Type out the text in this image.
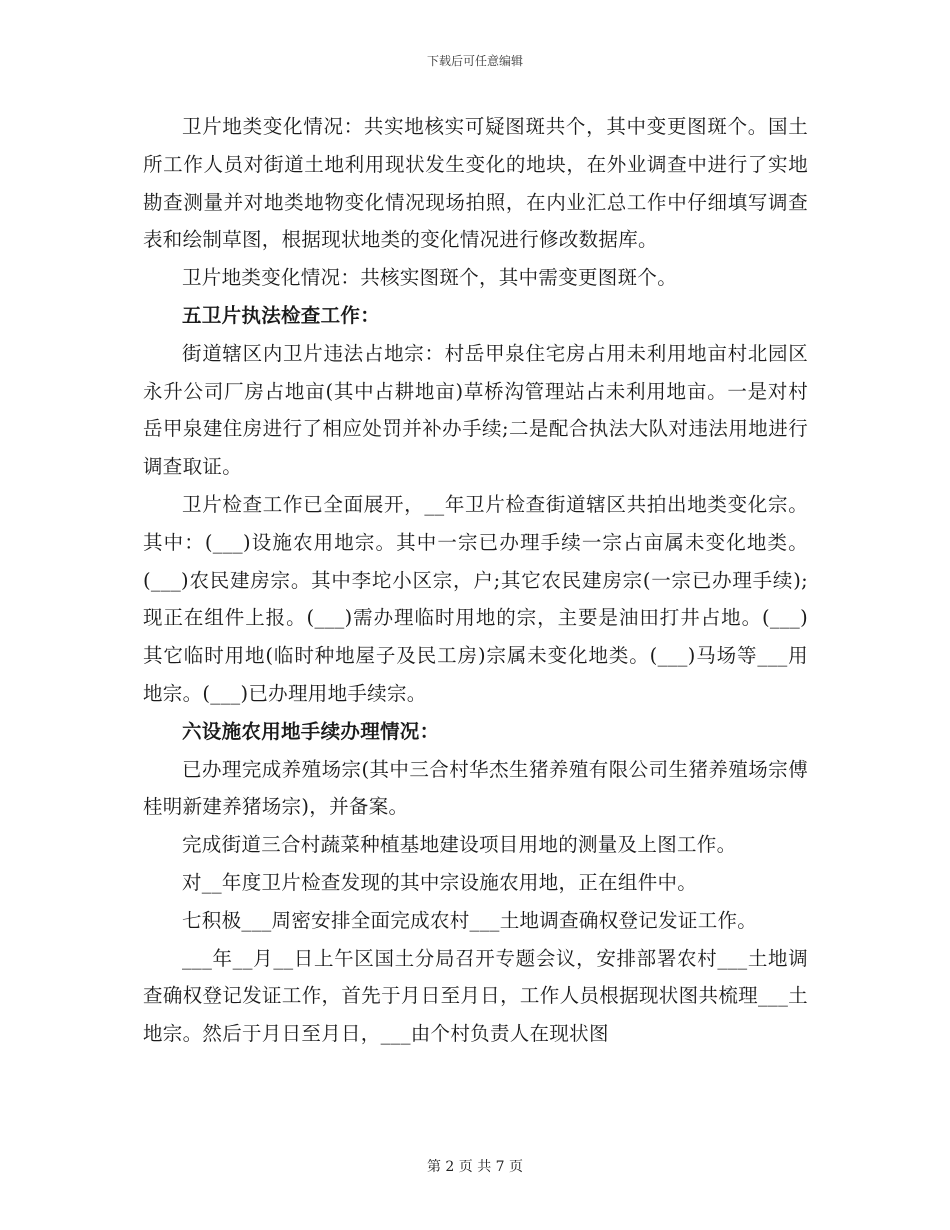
下载后可任意编辑

卫片地类变化情况：共实地核实可疑图斑共个，其中变更图斑个。国土所工作人员对街道土地利用现状发生变化的地块，在外业调查中进行了实地勘查测量并对地类地物变化情况现场拍照，在内业汇总工作中仔细填写调查表和绘制草图，根据现状地类的变化情况进行修改数据库。

卫片地类变化情况：共核实图斑个，其中需变更图斑个。

五卫片执法检查工作：

街道辖区内卫片违法占地宗：村岳甲泉住宅房占用未利用地亩村北园区永升公司厂房占地亩(其中占耕地亩)草桥沟管理站占未利用地亩。一是对村岳甲泉建住房进行了相应处罚并补办手续;二是配合执法大队对违法用地进行调查取证。

卫片检查工作已全面展开，__年卫片检查街道辖区共拍出地类变化宗。其中：(___)设施农用地宗。其中一宗已办理手续一宗占亩属未变化地类。(___)农民建房宗。其中李坨小区宗，户;其它农民建房宗(一宗已办理手续);现正在组件上报。(___)需办理临时用地的宗，主要是油田打井占地。(___)其它临时用地(临时种地屋子及民工房)宗属未变化地类。(___)马场等___用地宗。(___)已办理用地手续宗。

六设施农用地手续办理情况：

已办理完成养殖场宗(其中三合村华杰生猪养殖有限公司生猪养殖场宗傅桂明新建养猪场宗)，并备案。

完成街道三合村蔬菜种植基地建设项目用地的测量及上图工作。

对__年度卫片检查发现的其中宗设施农用地，正在组件中。

七积极___周密安排全面完成农村___土地调查确权登记发证工作。

___年__月__日上午区国土分局召开专题会议，安排部署农村___土地调查确权登记发证工作，首先于月日至月日，工作人员根据现状图共梳理___土地宗。然后于月日至月日，___由个村负责人在现状图

第 2 页 共 7 页
